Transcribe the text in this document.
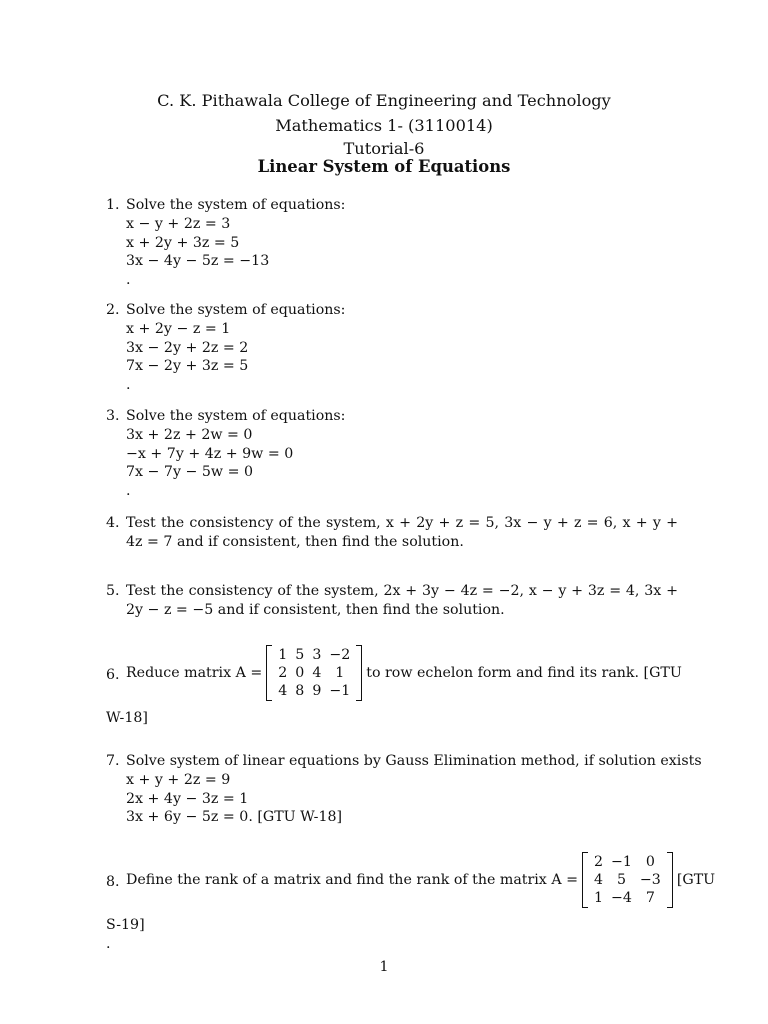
C. K. Pithawala College of Engineering and Technology
Mathematics 1- (3110014)
Tutorial-6
Linear System of Equations
1. Solve the system of equations:
x − y + 2z = 3
x + 2y + 3z = 5
3x − 4y − 5z = −13
.
2. Solve the system of equations:
x + 2y − z = 1
3x − 2y + 2z = 2
7x − 2y + 3z = 5
.
3. Solve the system of equations:
3x + 2z + 2w = 0
−x + 7y + 4z + 9w = 0
7x − 7y − 5w = 0
.
4. Test the consistency of the system, x + 2y + z = 5, 3x − y + z = 6, x + y + 4z = 7 and if consistent, then find the solution.
5. Test the consistency of the system, 2x + 3y − 4z = −2, x − y + 3z = 4, 3x + 2y − z = −5 and if consistent, then find the solution.
6. Reduce matrix A =
1	5	3	−2
2	0	4	1
4	8	9	−1
to row echelon form and find its rank. [GTU
W-18]
7. Solve system of linear equations by Gauss Elimination method, if solution exists
x + y + 2z = 9
2x + 4y − 3z = 1
3x + 6y − 5z = 0. [GTU W-18]
8. Define the rank of a matrix and find the rank of the matrix A =
2	−1	0
4	5	−3
1	−4	7
[GTU
S-19]
.
1
